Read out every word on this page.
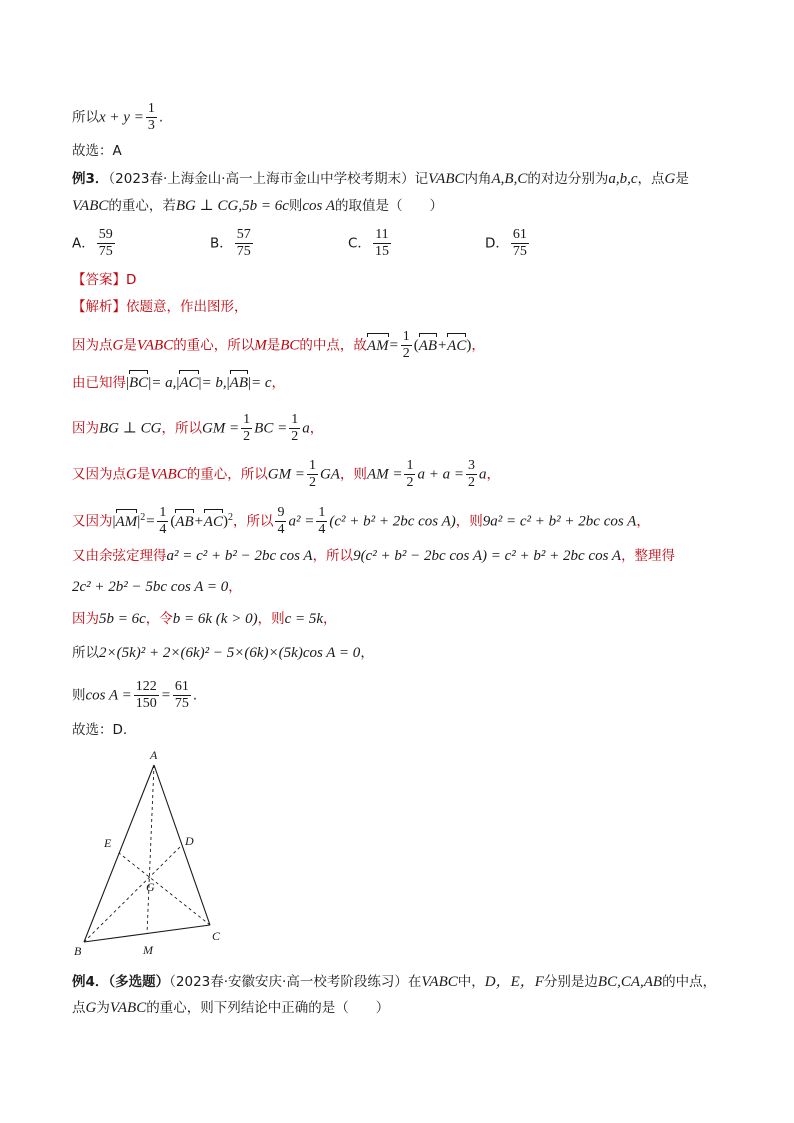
所以$x + y = \frac{1}{3}$ .
故选：A
例3．（2023春·上海金山·高一上海市金山中学校考期末）记VABC内角A,B,C的对边分别为a,b,c，点G是
VABC的重心，若BG ⊥ CG,5b = 6c则cos A的取值是（　　）
A． $\frac{59}{75}$	B． $\frac{57}{75}$	C． $\frac{11}{15}$	D． $\frac{61}{75}$
【答案】D
【解析】依题意，作出图形，
因为点G是VABC的重心，所以M是BC的中点，故$AM= \frac{1}{2} (AB+AC)$，
由已知得|BC|= a,|AC|= b,|AB|= c，
因为BG ⊥ CG，所以GM = $\frac{1}{2}$ BC = $\frac{1}{2}$ a，
又因为点G是VABC的重心，所以GM = $\frac{1}{2}$ GA，则AM = $\frac{1}{2}$ $a + a = \frac{3}{2}$ a，
又因为$|AM|^2= \frac{1}{4} (AB+AC)^2$，所以 $\frac{9}{4} a^2 = \frac{1}{4} (c^2 + b^2 + 2bc$ cos A)，则9a² = c² + b² + 2bc cos A，
又由余弦定理得a² = c² + b² − 2bc cos A，所以9(c² + b² − 2bc cos A) = c² + b² + 2bc cos A，整理得
2c² + 2b² − 5bc cos A = 0，
因为5b = 6c，令b = 6k (k > 0)，则c = 5k，
所以2×(5k)² + 2×(6k)² − 5×(6k)×(5k)cos A = 0，
则$\cos A = \frac{122}{150} = \frac{61}{75}$ .
故选：D.
例4．（多选题）（2023春·安徽安庆·高一校考阶段练习）在VABC中，D，E，F分别是边BC,CA,AB的中点，
点G为VABC的重心，则下列结论中正确的是（　　）
A
B
C
D
E
G
M
